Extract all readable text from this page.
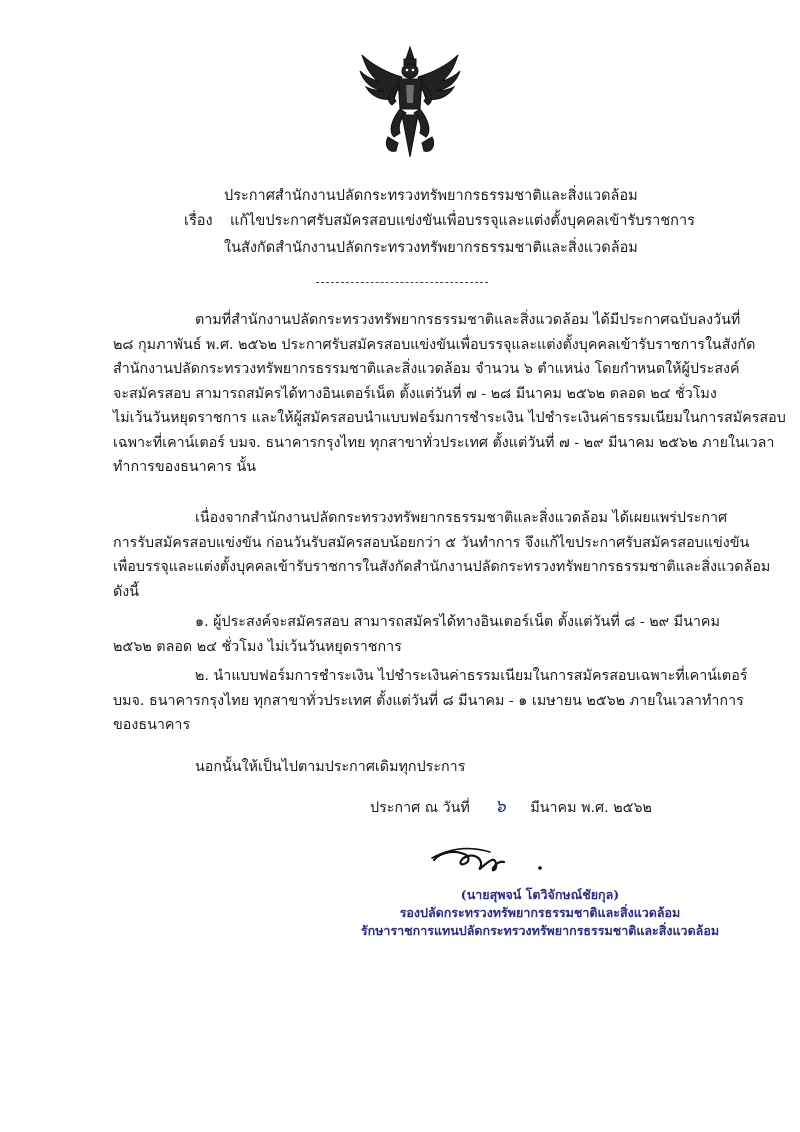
ประกาศสำนักงานปลัดกระทรวงทรัพยากรธรรมชาติและสิ่งแวดล้อม
เรื่อง แก้ไขประกาศรับสมัครสอบแข่งขันเพื่อบรรจุและแต่งตั้งบุคคลเข้ารับราชการ
ในสังกัดสำนักงานปลัดกระทรวงทรัพยากรธรรมชาติและสิ่งแวดล้อม

ตามที่สำนักงานปลัดกระทรวงทรัพยากรธรรมชาติและสิ่งแวดล้อม ได้มีประกาศฉบับลงวันที่

๒๘ กุมภาพันธ์ พ.ศ. ๒๕๖๒ ประกาศรับสมัครสอบแข่งขันเพื่อบรรจุและแต่งตั้งบุคคลเข้ารับราชการในสังกัด

สำนักงานปลัดกระทรวงทรัพยากรธรรมชาติและสิ่งแวดล้อม จำนวน ๖ ตำแหน่ง โดยกำหนดให้ผู้ประสงค์

จะสมัครสอบ สามารถสมัครได้ทางอินเตอร์เน็ต ตั้งแต่วันที่ ๗ - ๒๘ มีนาคม ๒๕๖๒ ตลอด ๒๔ ชั่วโมง

ไม่เว้นวันหยุดราชการ และให้ผู้สมัครสอบนำแบบฟอร์มการชำระเงิน ไปชำระเงินค่าธรรมเนียมในการสมัครสอบ

เฉพาะที่เคาน์เตอร์ บมจ. ธนาคารกรุงไทย ทุกสาขาทั่วประเทศ ตั้งแต่วันที่ ๗ - ๒๙ มีนาคม ๒๕๖๒ ภายในเวลา

ทำการของธนาคาร นั้น

เนื่องจากสำนักงานปลัดกระทรวงทรัพยากรธรรมชาติและสิ่งแวดล้อม ได้เผยแพร่ประกาศ

การรับสมัครสอบแข่งขัน ก่อนวันรับสมัครสอบน้อยกว่า ๕ วันทำการ จึงแก้ไขประกาศรับสมัครสอบแข่งขัน

เพื่อบรรจุและแต่งตั้งบุคคลเข้ารับราชการในสังกัดสำนักงานปลัดกระทรวงทรัพยากรธรรมชาติและสิ่งแวดล้อม

ดังนี้

๑. ผู้ประสงค์จะสมัครสอบ สามารถสมัครได้ทางอินเตอร์เน็ต ตั้งแต่วันที่ ๘ - ๒๙ มีนาคม

๒๕๖๒ ตลอด ๒๔ ชั่วโมง ไม่เว้นวันหยุดราชการ

๒. นำแบบฟอร์มการชำระเงิน ไปชำระเงินค่าธรรมเนียมในการสมัครสอบเฉพาะที่เคาน์เตอร์

บมจ. ธนาคารกรุงไทย ทุกสาขาทั่วประเทศ ตั้งแต่วันที่ ๘ มีนาคม - ๑ เมษายน ๒๕๖๒ ภายในเวลาทำการ

ของธนาคาร

นอกนั้นให้เป็นไปตามประกาศเดิมทุกประการ

ประกาศ ณ วันที่ ๖ มีนาคม พ.ศ. ๒๕๖๒
(นายสุพจน์ โตวิจักษณ์ชัยกุล)
รองปลัดกระทรวงทรัพยากรธรรมชาติและสิ่งแวดล้อม
รักษาราชการแทนปลัดกระทรวงทรัพยากรธรรมชาติและสิ่งแวดล้อม
